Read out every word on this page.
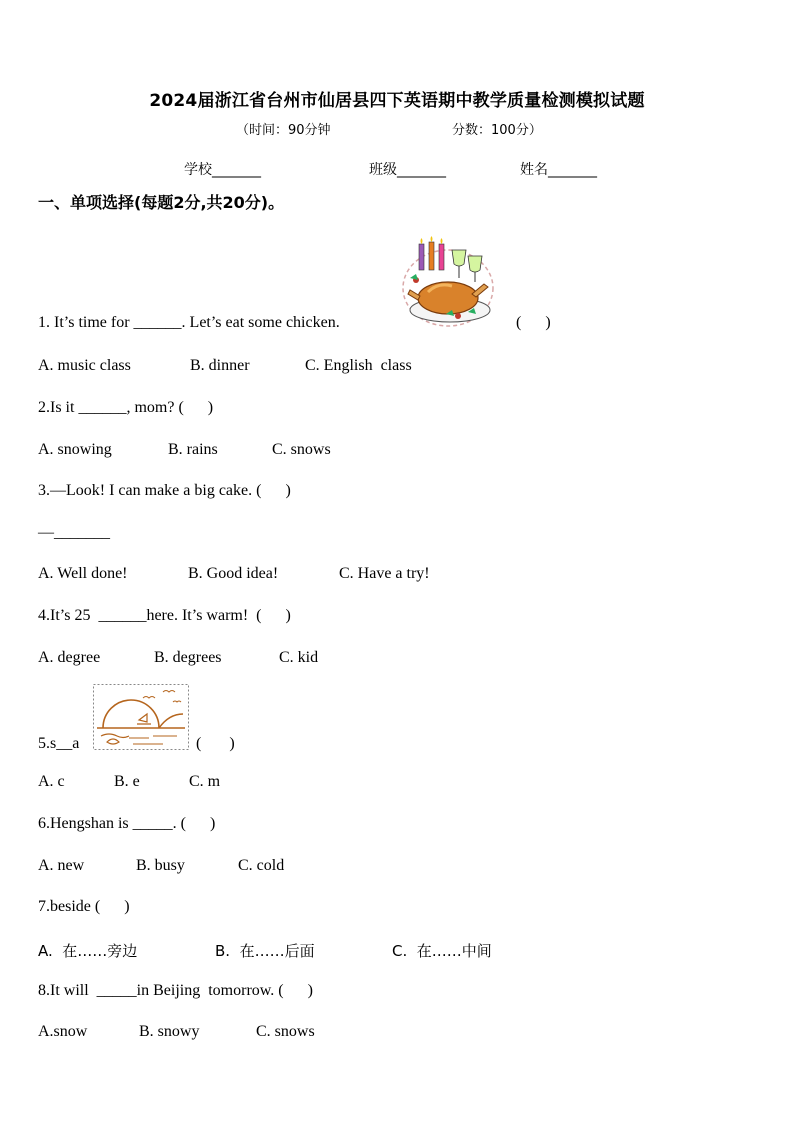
2024届浙江省台州市仙居县四下英语期中教学质量检测模拟试题
（时间：90分钟	分数：100分）
学校_______	班级_______	姓名_______
一、单项选择(每题2分,共20分)。
1. It’s time for ______. Let’s eat some chicken.	(      )
A. music class	B. dinner	C. English  class
2.Is it ______, mom? (      )
A. snowing	B. rains	C. snows
3.—Look! I can make a big cake. (      )
—_______
A. Well done!	B. Good idea!	C. Have a try!
4.It’s 25  ______here. It’s warm!  (      )
A. degree	B. degrees	C. kid
5.s__a	(       )
A. c	B. e	C. m
6.Hengshan is _____. (      )
A. new	B. busy	C. cold
7.beside (      )
A.  在……旁边	B.  在……后面	C.  在……中间
8.It will  _____in Beijing  tomorrow. (      )
A.snow	B. snowy	C. snows
